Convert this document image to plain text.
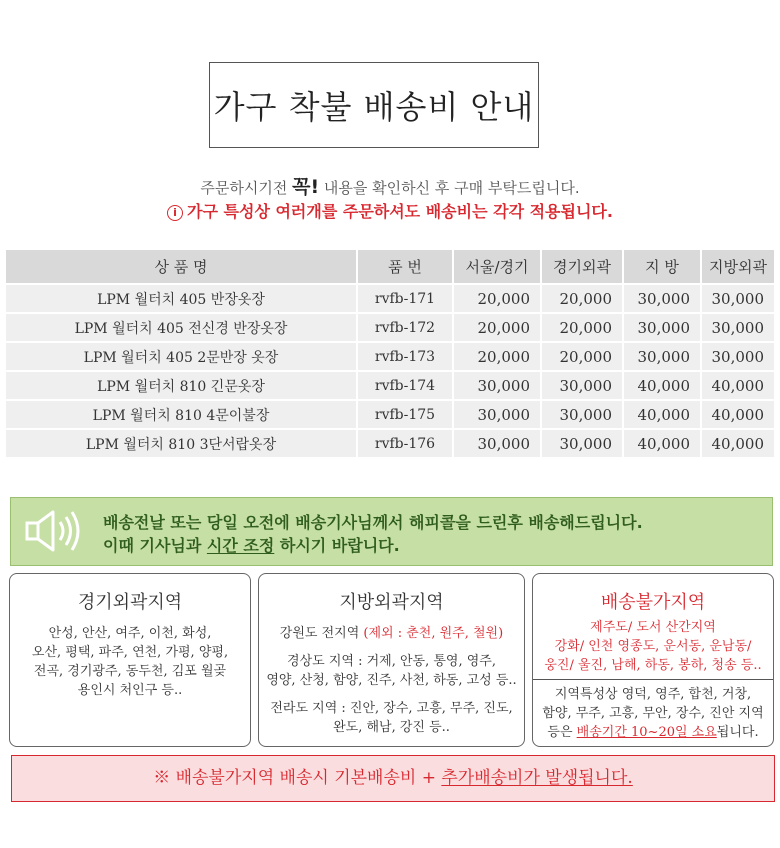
가구 착불 배송비 안내
주문하시기전 꼭! 내용을 확인하신 후 구매 부탁드립니다.
i 가구 특성상 여러개를 주문하셔도 배송비는 각각 적용됩니다.
상 품 명	품 번	서울/경기	경기외곽	지 방	지방외곽
LPM 월터치 405 반장옷장	rvfb-171	20,000	20,000	30,000	30,000
LPM 월터치 405 전신경 반장옷장	rvfb-172	20,000	20,000	30,000	30,000
LPM 월터치 405 2문반장 옷장	rvfb-173	20,000	20,000	30,000	30,000
LPM 월터치 810 긴문옷장	rvfb-174	30,000	30,000	40,000	40,000
LPM 월터치 810 4문이불장	rvfb-175	30,000	30,000	40,000	40,000
LPM 월터치 810 3단서랍옷장	rvfb-176	30,000	30,000	40,000	40,000
배송전날 또는 당일 오전에 배송기사님께서 해피콜을 드린후 배송해드립니다.
이때 기사님과 시간 조정 하시기 바랍니다.
경기외곽지역
안성, 안산, 여주, 이천, 화성,
오산, 평택, 파주, 연천, 가평, 양평,
전곡, 경기광주, 동두천, 김포 월곶
용인시 처인구 등..
지방외곽지역

강원도 전지역 (제외 : 춘천, 원주, 철원)

경상도 지역 : 거제, 안동, 통영, 영주,

영양, 산청, 함양, 진주, 사천, 하동, 고성 등..

전라도 지역 : 진안, 장수, 고흥, 무주, 진도,

완도, 해남, 강진 등..

배송불가지역
제주도/ 도서 산간지역
강화/ 인천 영종도, 운서동, 운남동/
웅진/ 울진, 남해, 하동, 봉하, 청송 등..
지역특성상 영덕, 영주, 합천, 거창,
함양, 무주, 고흥, 무안, 장수, 진안 지역
등은 배송기간 10~20일 소요됩니다.
※ 배송불가지역 배송시 기본배송비 + 추가배송비가 발생됩니다.
